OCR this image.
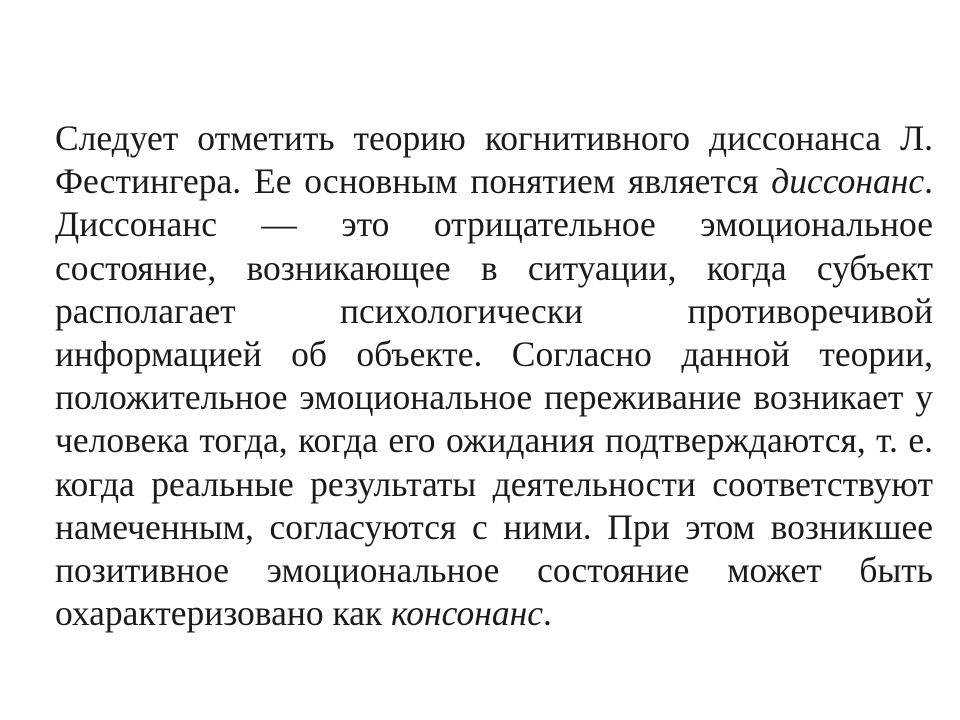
Следует отметить теорию когнитивного диссонанса Л. Фестингера. Ее основным понятием является диссонанс. Диссонанс — это отрицательное эмоциональное состояние, возникающее в ситуации, когда субъект располагает психологически противоречивой информацией об объекте. Согласно данной теории, положительное эмоциональное переживание возникает у человека тогда, когда его ожидания подтверждаются, т. е. когда реальные результаты деятельности соответствуют намеченным, согласуются с ними. При этом возникшее позитивное эмоциональное состояние может быть охарактеризовано как консонанс.
